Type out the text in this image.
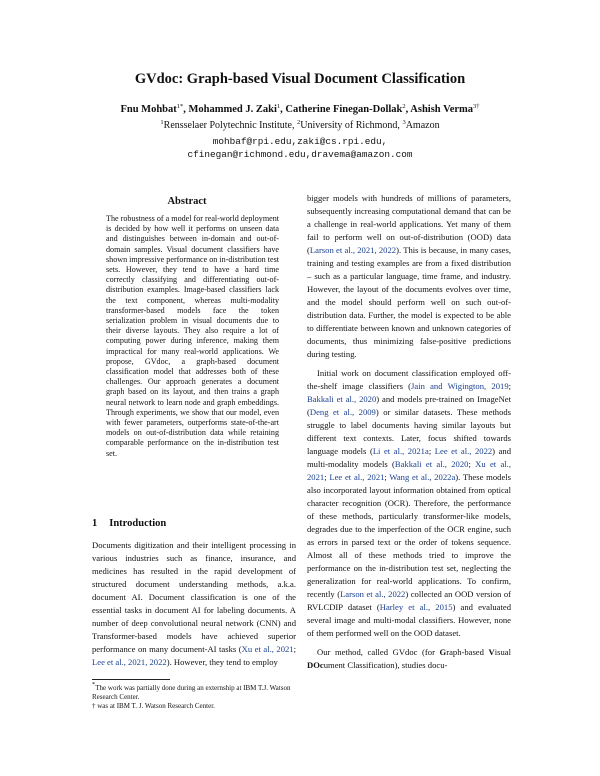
GVdoc: Graph-based Visual Document Classification
Fnu Mohbat$^{1*}$, Mohammed J. Zaki$^1$, Catherine Finegan-Dollak$^2$, Ashish Verma$^{3\dagger}$
$^1$Rensselaer Polytechnic Institute, $^2$University of Richmond, $^3$Amazon
mohbaf@rpi.edu,zaki@cs.rpi.edu,
cfinegan@richmond.edu,dravema@amazon.com
Abstract
The robustness of a model for real-world deployment is decided by how well it performs on unseen data and distinguishes between in-domain and out-of-domain samples. Visual document classifiers have shown impressive performance on in-distribution test sets. However, they tend to have a hard time correctly classifying and differentiating out-of-distribution examples. Image-based classifiers lack the text component, whereas multi-modality transformer-based models face the token serialization problem in visual documents due to their diverse layouts. They also require a lot of computing power during inference, making them impractical for many real-world applications. We propose, GVdoc, a graph-based document classification model that addresses both of these challenges. Our approach generates a document graph based on its layout, and then trains a graph neural network to learn node and graph embeddings. Through experiments, we show that our model, even with fewer parameters, outperforms state-of-the-art models on out-of-distribution data while retaining comparable performance on the in-distribution test set.
1 Introduction
Documents digitization and their intelligent processing in various industries such as finance, insurance, and medicines has resulted in the rapid development of structured document understanding methods, a.k.a. document AI. Document classification is one of the essential tasks in document AI for labeling documents. A number of deep convolutional neural network (CNN) and Transformer-based models have achieved superior performance on many document-AI tasks (Xu et al., 2021; Lee et al., 2021, 2022). However, they tend to employ

bigger models with hundreds of millions of parameters, subsequently increasing computational demand that can be a challenge in real-world applications. Yet many of them fail to perform well on out-of-distribution (OOD) data (Larson et al., 2021, 2022). This is because, in many cases, training and testing examples are from a fixed distribution – such as a particular language, time frame, and industry. However, the layout of the documents evolves over time, and the model should perform well on such out-of-distribution data. Further, the model is expected to be able to differentiate between known and unknown categories of documents, thus minimizing false-positive predictions during testing.

Initial work on document classification employed off-the-shelf image classifiers (Jain and Wigington, 2019; Bakkali et al., 2020) and models pre-trained on ImageNet (Deng et al., 2009) or similar datasets. These methods struggle to label documents having similar layouts but different text contexts. Later, focus shifted towards language models (Li et al., 2021a; Lee et al., 2022) and multi-modality models (Bakkali et al., 2020; Xu et al., 2021; Lee et al., 2021; Wang et al., 2022a). These models also incorporated layout information obtained from optical character recognition (OCR). Therefore, the performance of these methods, particularly transformer-like models, degrades due to the imperfection of the OCR engine, such as errors in parsed text or the order of tokens sequence. Almost all of these methods tried to improve the performance on the in-distribution test set, neglecting the generalization for real-world applications. To confirm, recently (Larson et al., 2022) collected an OOD version of RVLCDIP dataset (Harley et al., 2015) and evaluated several image and multi-modal classifiers. However, none of them performed well on the OOD dataset.

Our method, called GVdoc (for Graph-based Visual DOcument Classification), studies docu-

*The work was partially done during an externship at IBM T.J. Watson Research Center.
† was at IBM T. J. Watson Research Center.
